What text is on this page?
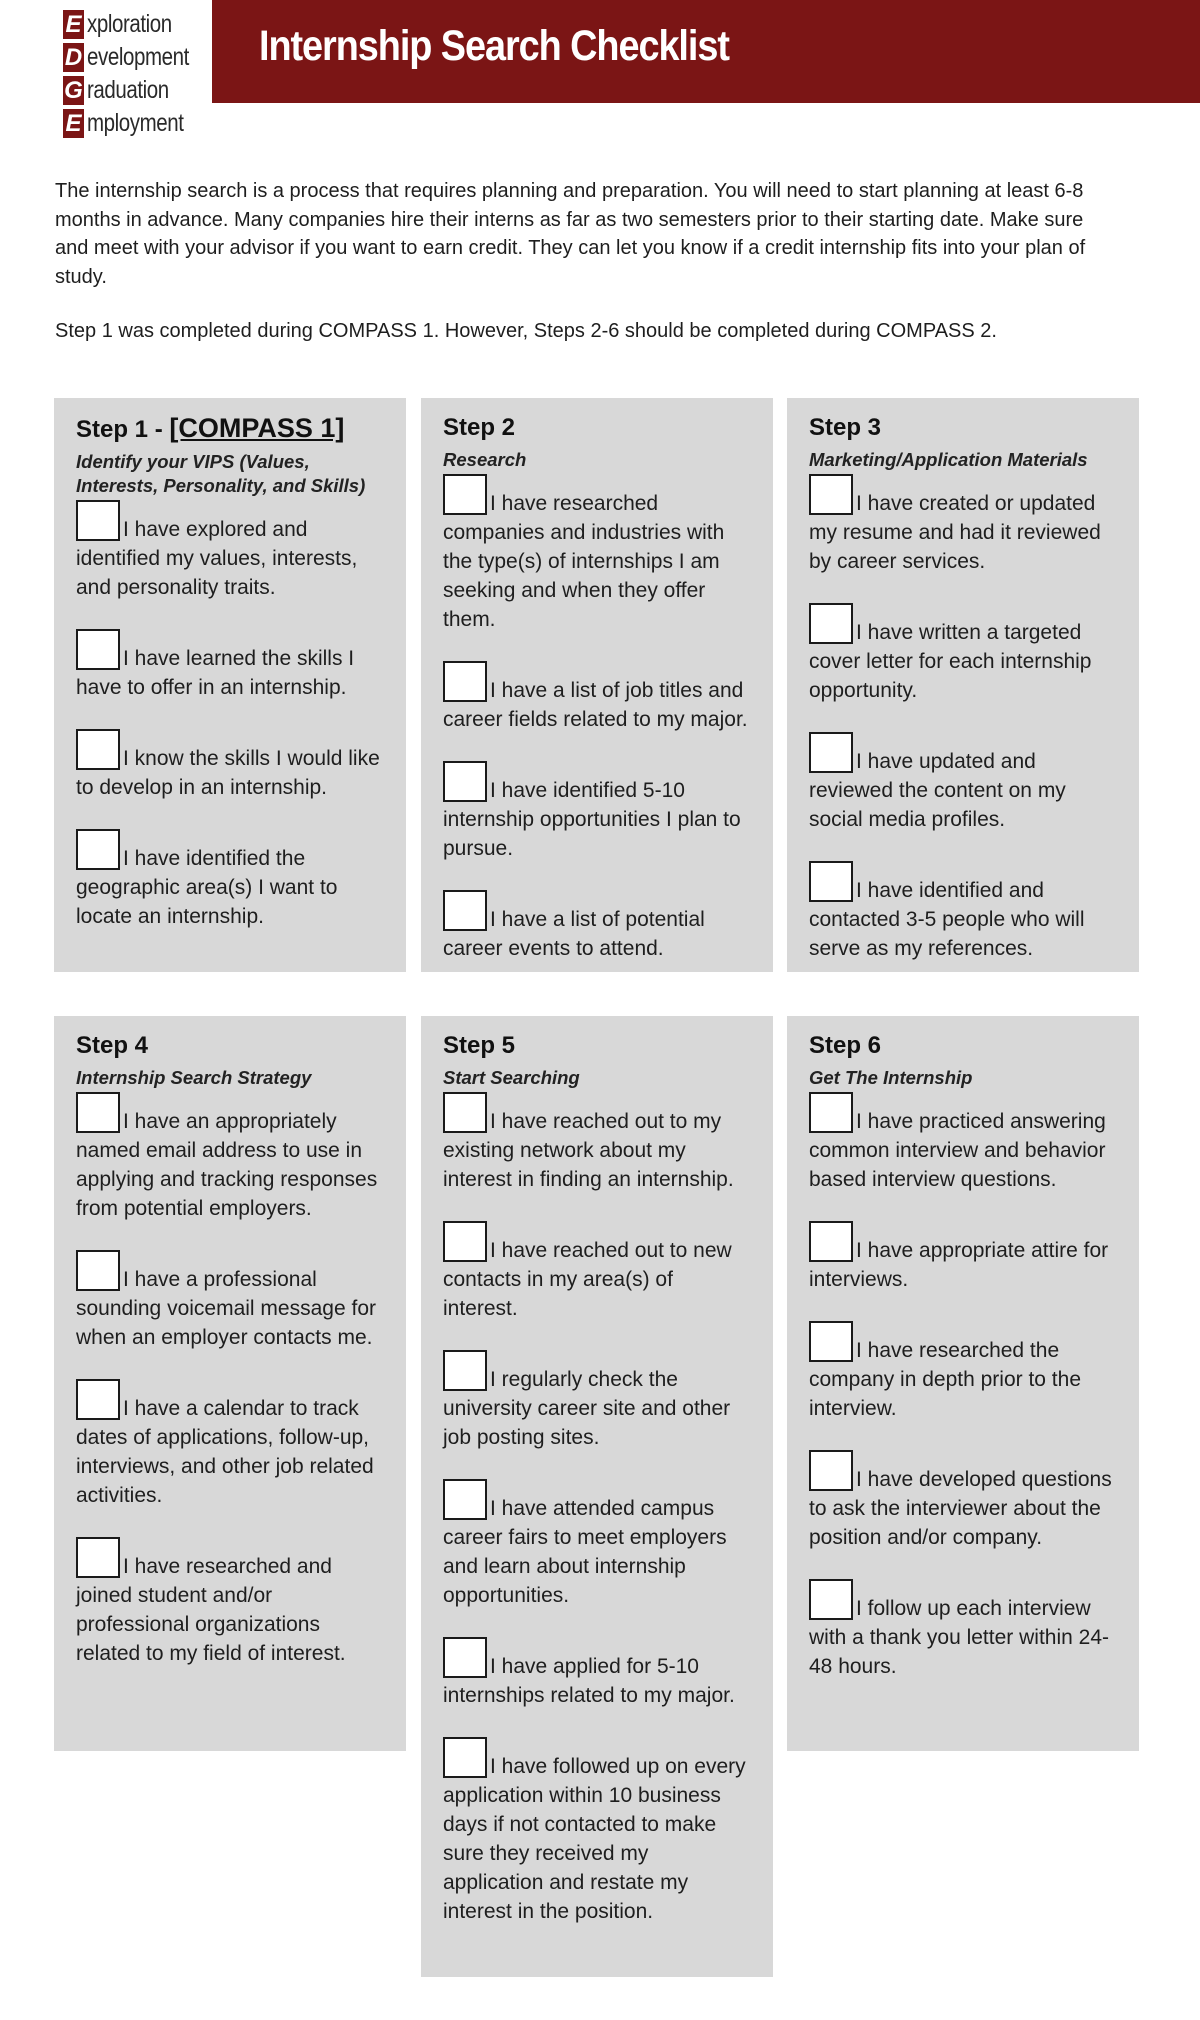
E xploration
D evelopment
G raduation
E mployment
Internship Search Checklist

The internship search is a process that requires planning and preparation. You will need to start planning at least 6-8 months in advance. Many companies hire their interns as far as two semesters prior to their starting date. Make sure and meet with your advisor if you want to earn credit. They can let you know if a credit internship fits into your plan of study.

Step 1 was completed during COMPASS 1. However, Steps 2-6 should be completed during COMPASS 2.

Step 1 - [COMPASS 1]
Identify your VIPS (Values, Interests, Personality, and Skills)
I have explored and identified my values, interests, and personality traits.
I have learned the skills I have to offer in an internship.
I know the skills I would like to develop in an internship.
I have identified the geographic area(s) I want to locate an internship.
Step 2
Research
I have researched companies and industries with the type(s) of internships I am seeking and when they offer them.
I have a list of job titles and career fields related to my major.
I have identified 5-10 internship opportunities I plan to pursue.
I have a list of potential career events to attend.
Step 3
Marketing/Application Materials
I have created or updated my resume and had it reviewed by career services.
I have written a targeted cover letter for each internship opportunity.
I have updated and reviewed the content on my social media profiles.
I have identified and contacted 3-5 people who will serve as my references.
Step 4
Internship Search Strategy
I have an appropriately named email address to use in applying and tracking responses from potential employers.
I have a professional sounding voicemail message for when an employer contacts me.
I have a calendar to track dates of applications, follow-up, interviews, and other job related activities.
I have researched and joined student and/or professional organizations related to my field of interest.
Step 5
Start Searching
I have reached out to my existing network about my interest in finding an internship.
I have reached out to new contacts in my area(s) of interest.
I regularly check the university career site and other job posting sites.
I have attended campus career fairs to meet employers and learn about internship opportunities.
I have applied for 5-10 internships related to my major.
I have followed up on every application within 10 business days if not contacted to make sure they received my application and restate my interest in the position.
Step 6
Get The Internship
I have practiced answering common interview and behavior based interview questions.
I have appropriate attire for interviews.
I have researched the company in depth prior to the interview.
I have developed questions to ask the interviewer about the position and/or company.
I follow up each interview with a thank you letter within 24-48 hours.
